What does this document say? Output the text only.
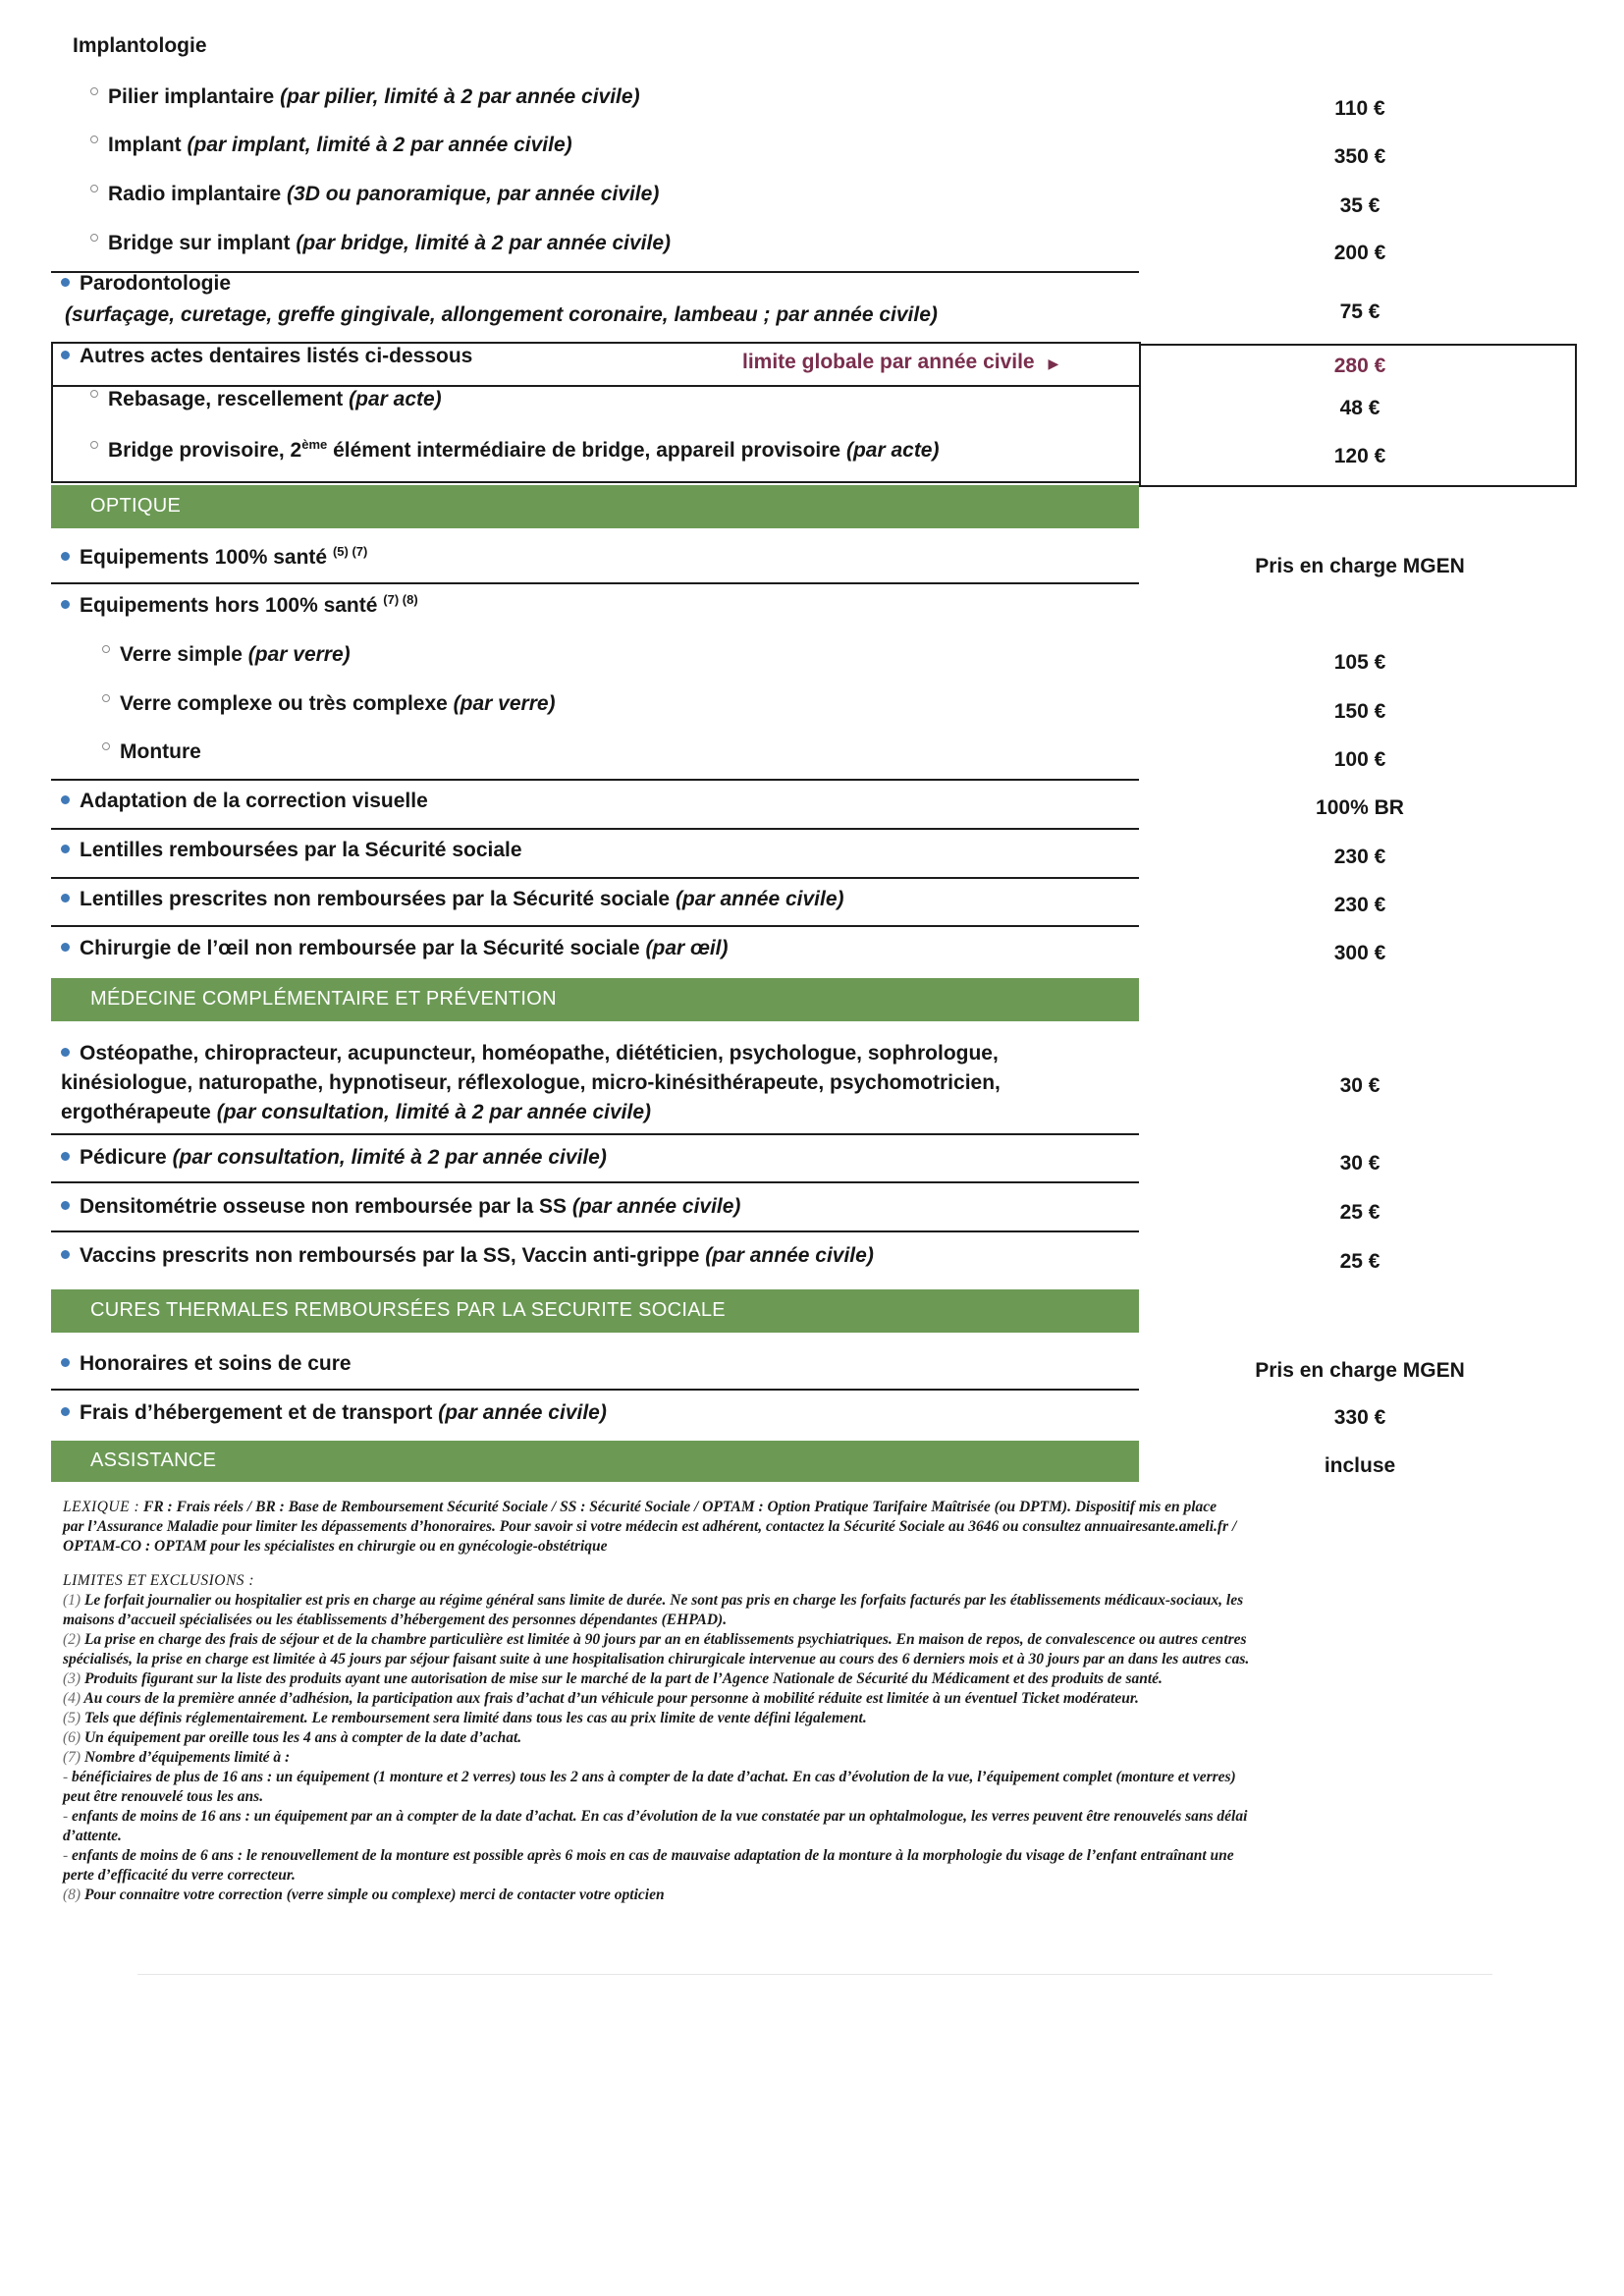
Implantologie
Pilier implantaire (par pilier, limité à 2 par année civile)
110 €
Implant (par implant, limité à 2 par année civile)
350 €
Radio implantaire (3D ou panoramique, par année civile)
35 €
Bridge sur implant (par bridge, limité à 2 par année civile)	200 €
Parodontologie
(surfaçage, curetage, greffe gingivale, allongement coronaire, lambeau ; par année civile)	75 €
Autres actes dentaires listés ci-dessous	limite globale par année civile ▶	280 €
Rebasage, rescellement (par acte)	48 €
Bridge provisoire, 2ème élément intermédiaire de bridge, appareil provisoire (par acte)	120 €
OPTIQUE
Equipements 100% santé $^{(5) (7)}$
Pris en charge MGEN
Equipements hors 100% santé $^{(7) (8)}$
Verre simple (par verre)	105 €
Verre complexe ou très complexe (par verre)	150 €
Monture	100 €
Adaptation de la correction visuelle	100% BR
Lentilles remboursées par la Sécurité sociale	230 €
Lentilles prescrites non remboursées par la Sécurité sociale (par année civile)	230 €
Chirurgie de l’œil non remboursée par la Sécurité sociale (par œil)	300 €
MÉDECINE COMPLÉMENTAIRE ET PRÉVENTION
Ostéopathe, chiropracteur, acupuncteur, homéopathe, diététicien, psychologue, sophrologue,
kinésiologue, naturopathe, hypnotiseur, réflexologue, micro-kinésithérapeute, psychomotricien,
ergothérapeute (par consultation, limité à 2 par année civile)
30 €
Pédicure (par consultation, limité à 2 par année civile)	30 €
Densitométrie osseuse non remboursée par la SS (par année civile)	25 €
Vaccins prescrits non remboursés par la SS, Vaccin anti-grippe (par année civile)	25 €
CURES THERMALES REMBOURSÉES PAR LA SECURITE SOCIALE
Honoraires et soins de cure	Pris en charge MGEN
Frais d’hébergement et de transport (par année civile)	330 €
ASSISTANCE	incluse

LEXIQUE : FR : Frais réels / BR : Base de Remboursement Sécurité Sociale / SS : Sécurité Sociale / OPTAM : Option Pratique Tarifaire Maîtrisée (ou DPTM). Dispositif mis en place

par l’Assurance Maladie pour limiter les dépassements d’honoraires. Pour savoir si votre médecin est adhérent, contactez la Sécurité Sociale au 3646 ou consultez annuairesante.ameli.fr /

OPTAM-CO : OPTAM pour les spécialistes en chirurgie ou en gynécologie-obstétrique

LIMITES ET EXCLUSIONS :

(1) Le forfait journalier ou hospitalier est pris en charge au régime général sans limite de durée. Ne sont pas pris en charge les forfaits facturés par les établissements médicaux-sociaux, les

maisons d’accueil spécialisées ou les établissements d’hébergement des personnes dépendantes (EHPAD).

(2) La prise en charge des frais de séjour et de la chambre particulière est limitée à 90 jours par an en établissements psychiatriques. En maison de repos, de convalescence ou autres centres

spécialisés, la prise en charge est limitée à 45 jours par séjour faisant suite à une hospitalisation chirurgicale intervenue au cours des 6 derniers mois et à 30 jours par an dans les autres cas.

(3) Produits figurant sur la liste des produits ayant une autorisation de mise sur le marché de la part de l’Agence Nationale de Sécurité du Médicament et des produits de santé.

(4) Au cours de la première année d’adhésion, la participation aux frais d’achat d’un véhicule pour personne à mobilité réduite est limitée à un éventuel Ticket modérateur.

(5) Tels que définis réglementairement. Le remboursement sera limité dans tous les cas au prix limite de vente défini légalement.

(6) Un équipement par oreille tous les 4 ans à compter de la date d’achat.

(7) Nombre d’équipements limité à :

- bénéficiaires de plus de 16 ans : un équipement (1 monture et 2 verres) tous les 2 ans à compter de la date d’achat. En cas d’évolution de la vue, l’équipement complet (monture et verres)

peut être renouvelé tous les ans.

- enfants de moins de 16 ans : un équipement par an à compter de la date d’achat. En cas d’évolution de la vue constatée par un ophtalmologue, les verres peuvent être renouvelés sans délai

d’attente.

- enfants de moins de 6 ans : le renouvellement de la monture est possible après 6 mois en cas de mauvaise adaptation de la monture à la morphologie du visage de l’enfant entraînant une

perte d’efficacité du verre correcteur.

(8) Pour connaitre votre correction (verre simple ou complexe) merci de contacter votre opticien
